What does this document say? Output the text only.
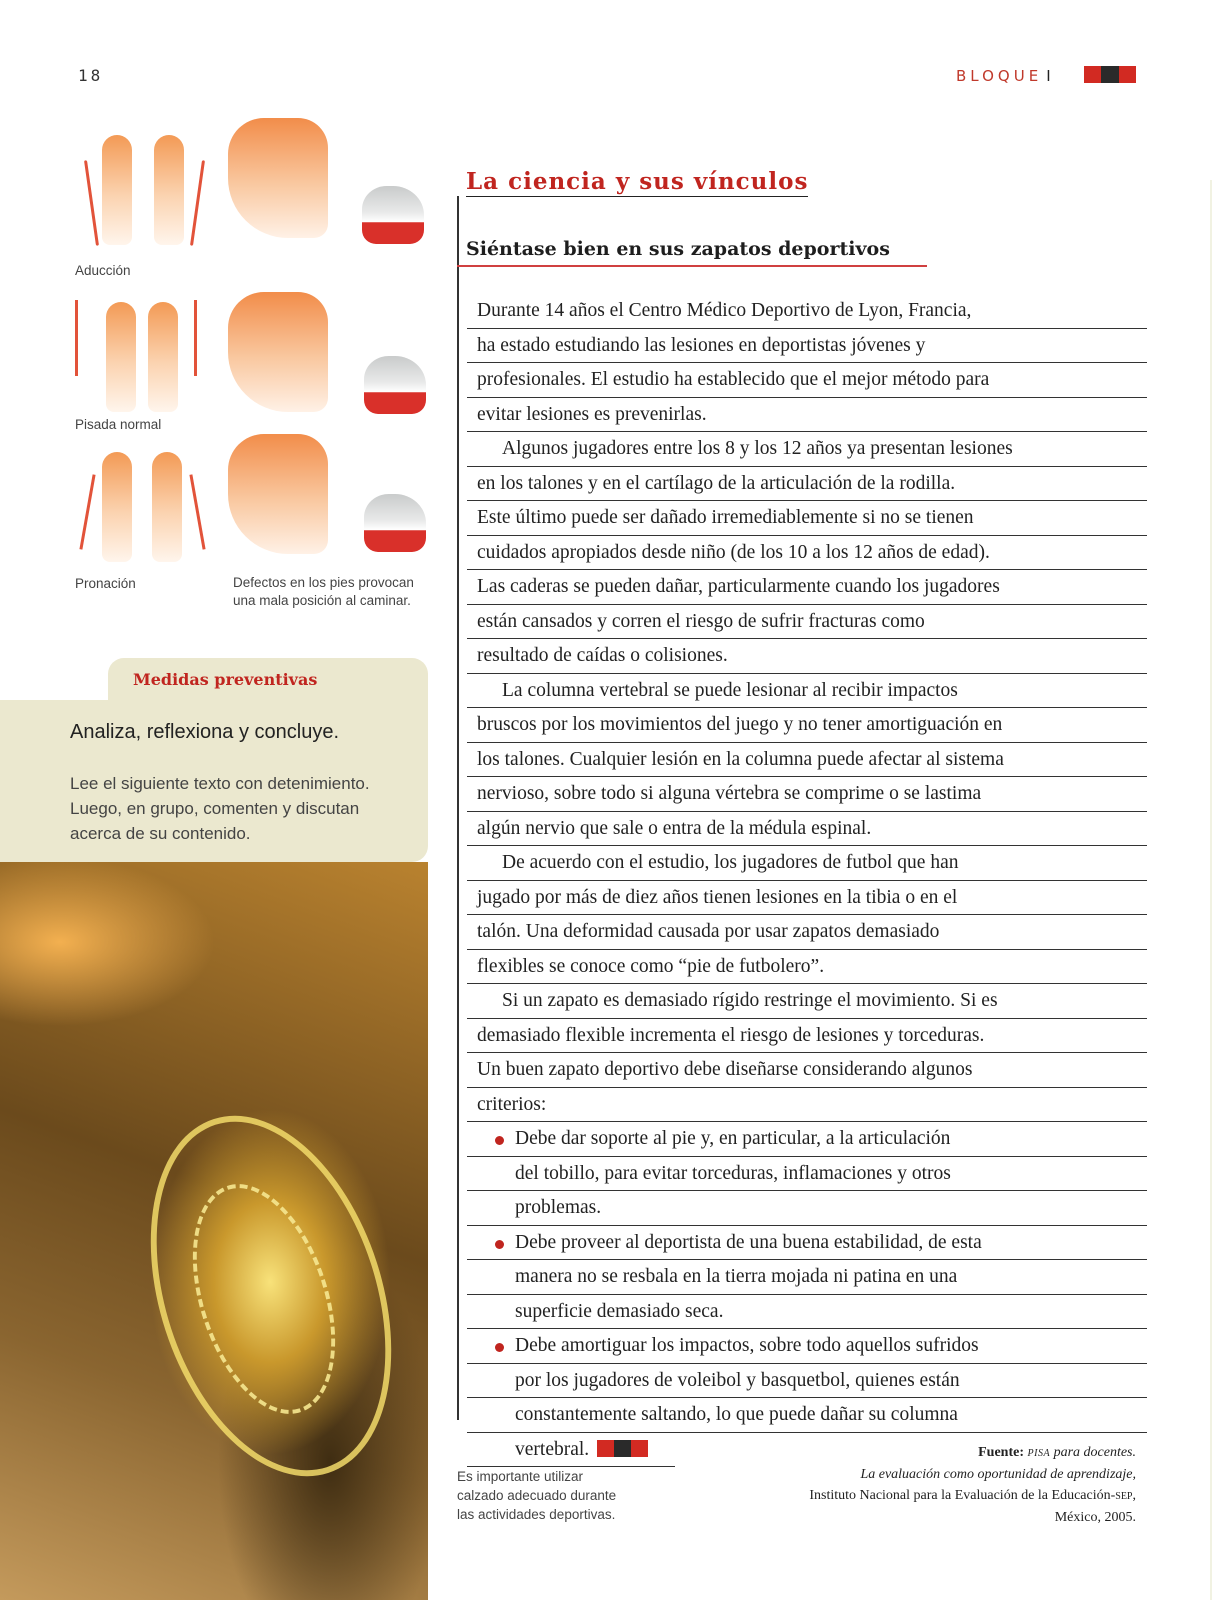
18	BLOQUE I
Aducción
Pisada normal
Pronación	Defectos en los pies provocan
una mala posición al caminar.
Medidas preventivas
Analiza, reflexiona y concluye.
Lee el siguiente texto con detenimiento. Luego, en grupo, comenten y discutan acerca de su contenido.
La ciencia y sus vínculos
Siéntase bien en sus zapatos deportivos

Durante 14 años el Centro Médico Deportivo de Lyon, Francia,

ha estado estudiando las lesiones en deportistas jóvenes y

profesionales. El estudio ha establecido que el mejor método para

evitar lesiones es prevenirlas.

Algunos jugadores entre los 8 y los 12 años ya presentan lesiones

en los talones y en el cartílago de la articulación de la rodilla.

Este último puede ser dañado irremediablemente si no se tienen

cuidados apropiados desde niño (de los 10 a los 12 años de edad).

Las caderas se pueden dañar, particularmente cuando los jugadores

están cansados y corren el riesgo de sufrir fracturas como

resultado de caídas o colisiones.

La columna vertebral se puede lesionar al recibir impactos

bruscos por los movimientos del juego y no tener amortiguación en

los talones. Cualquier lesión en la columna puede afectar al sistema

nervioso, sobre todo si alguna vértebra se comprime o se lastima

algún nervio que sale o entra de la médula espinal.

De acuerdo con el estudio, los jugadores de futbol que han

jugado por más de diez años tienen lesiones en la tibia o en el

talón. Una deformidad causada por usar zapatos demasiado

flexibles se conoce como “pie de futbolero”.

Si un zapato es demasiado rígido restringe el movimiento. Si es

demasiado flexible incrementa el riesgo de lesiones y torceduras.

Un buen zapato deportivo debe diseñarse considerando algunos

criterios:

Debe dar soporte al pie y, en particular, a la articulación

del tobillo, para evitar torceduras, inflamaciones y otros

problemas.

Debe proveer al deportista de una buena estabilidad, de esta

manera no se resbala en la tierra mojada ni patina en una

superficie demasiado seca.

Debe amortiguar los impactos, sobre todo aquellos sufridos

por los jugadores de voleibol y basquetbol, quienes están

constantemente saltando, lo que puede dañar su columna

vertebral.

Es importante utilizar
calzado adecuado durante
las actividades deportivas.
Fuente: PISA para docentes.
La evaluación como oportunidad de aprendizaje,
Instituto Nacional para la Evaluación de la Educación-SEP,
México, 2005.
